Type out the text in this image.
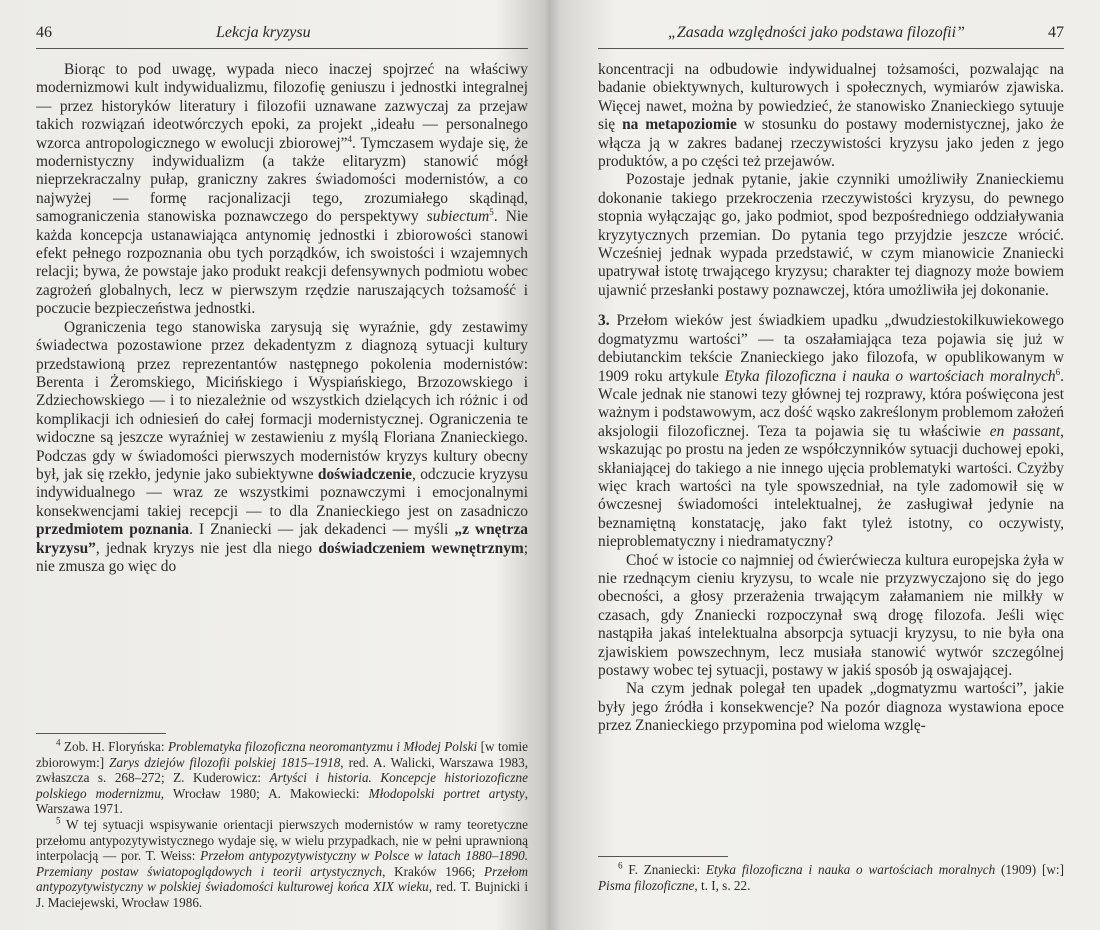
46	Lekcja kryzysu

Biorąc to pod uwagę, wypada nieco inaczej spojrzeć na właściwy modernizmowi kult indywidualizmu, filozofię geniuszu i jednostki integralnej — przez historyków literatury i filozofii uznawane zazwyczaj za przejaw takich rozwiązań ideotwórczych epoki, za projekt „ideału — personalnego wzorca antropologicznego w ewolucji zbiorowej”$^4$. Tymczasem wydaje się, że modernistyczny indywidualizm (a także elitaryzm) stanowić mógł nieprzekraczalny pułap, graniczny zakres świadomości modernistów, a co najwyżej — formę racjonalizacji tego, zrozumiałego skądinąd, samograniczenia stanowiska poznawczego do perspektywy subiectum$^5$. Nie każda koncepcja ustanawiająca antynomię jednostki i zbiorowości stanowi efekt pełnego rozpoznania obu tych porządków, ich swoistości i wzajemnych relacji; bywa, że powstaje jako produkt reakcji defensywnych podmiotu wobec zagrożeń globalnych, lecz w pierwszym rzędzie naruszających tożsamość i poczucie bezpieczeństwa jednostki.

Ograniczenia tego stanowiska zarysują się wyraźnie, gdy zestawimy świadectwa pozostawione przez dekadentyzm z diagnozą sytuacji kultury przedstawioną przez reprezentantów następnego pokolenia modernistów: Berenta i Żeromskiego, Micińskiego i Wyspiańskiego, Brzozowskiego i Zdziechowskiego — i to niezależnie od wszystkich dzielących ich różnic i od komplikacji ich odniesień do całej formacji modernistycznej. Ograniczenia te widoczne są jeszcze wyraźniej w zestawieniu z myślą Floriana Znanieckiego. Podczas gdy w świadomości pierwszych modernistów kryzys kultury obecny był, jak się rzekło, jedynie jako subiektywne doświadczenie, odczucie kryzysu indywidualnego — wraz ze wszystkimi poznawczymi i emocjonalnymi konsekwencjami takiej recepcji — to dla Znanieckiego jest on zasadniczo przedmiotem poznania. I Znaniecki — jak dekadenci — myśli „z wnętrza kryzysu”, jednak kryzys nie jest dla niego doświadczeniem wewnętrznym; nie zmusza go więc do

$^4$ Zob. H. Floryńska: Problematyka filozoficzna neoromantyzmu i Młodej Polski [w tomie zbiorowym:] Zarys dziejów filozofii polskiej 1815–1918, red. A. Walicki, Warszawa 1983, zwłaszcza s. 268–272; Z. Kuderowicz: Artyści i historia. Koncepcje historiozoficzne polskiego modernizmu, Wrocław 1980; A. Makowiecki: Młodopolski portret artysty, Warszawa 1971.

$^5$ W tej sytuacji wspisywanie orientacji pierwszych modernistów w ramy teoretyczne przełomu antypozytywistycznego wydaje się, w wielu przypadkach, nie w pełni uprawnioną interpolacją — por. T. Weiss: Przełom antypozytywistyczny w Polsce w latach 1880–1890. Przemiany postaw światopoglądowych i teorii artystycznych, Kraków 1966; Przełom antypozytywistyczny w polskiej świadomości kulturowej końca XIX wieku, red. T. Bujnicki i J. Maciejewski, Wrocław 1986.

„Zasada względności jako podstawa filozofii”	47

koncentracji na odbudowie indywidualnej tożsamości, pozwalając na badanie obiektywnych, kulturowych i społecznych, wymiarów zjawiska. Więcej nawet, można by powiedzieć, że stanowisko Znanieckiego sytuuje się na metapoziomie w stosunku do postawy modernistycznej, jako że włącza ją w zakres badanej rzeczywistości kryzysu jako jeden z jego produktów, a po części też przejawów.

Pozostaje jednak pytanie, jakie czynniki umożliwiły Znanieckiemu dokonanie takiego przekroczenia rzeczywistości kryzysu, do pewnego stopnia wyłączając go, jako podmiot, spod bezpośredniego oddziaływania kryzytycznych przemian. Do pytania tego przyjdzie jeszcze wrócić. Wcześniej jednak wypada przedstawić, w czym mianowicie Znaniecki upatrywał istotę trwającego kryzysu; charakter tej diagnozy może bowiem ujawnić przesłanki postawy poznawczej, która umożliwiła jej dokonanie.

3. Przełom wieków jest świadkiem upadku „dwudziestokilkuwiekowego dogmatyzmu wartości” — ta oszałamiająca teza pojawia się już w debiutanckim tekście Znanieckiego jako filozofa, w opublikowanym w 1909 roku artykule Etyka filozoficzna i nauka o wartościach moralnych$^6$. Wcale jednak nie stanowi tezy głównej tej rozprawy, która poświęcona jest ważnym i podstawowym, acz dość wąsko zakreślonym problemom założeń aksjologii filozoficznej. Teza ta pojawia się tu właściwie en passant, wskazując po prostu na jeden ze współczynników sytuacji duchowej epoki, skłaniającej do takiego a nie innego ujęcia problematyki wartości. Czyżby więc krach wartości na tyle spowszedniał, na tyle zadomowił się w ówczesnej świadomości intelektualnej, że zasługiwał jedynie na beznamiętną konstatację, jako fakt tyleż istotny, co oczywisty, nieproblematyczny i niedramatyczny?

Choć w istocie co najmniej od ćwierćwiecza kultura europejska żyła w nie rzednącym cieniu kryzysu, to wcale nie przyzwyczajono się do jego obecności, a głosy przerażenia trwającym załamaniem nie milkły w czasach, gdy Znaniecki rozpoczynał swą drogę filozofa. Jeśli więc nastąpiła jakaś intelektualna absorpcja sytuacji kryzysu, to nie była ona zjawiskiem powszechnym, lecz musiała stanowić wytwór szczególnej postawy wobec tej sytuacji, postawy w jakiś sposób ją oswajającej.

Na czym jednak polegał ten upadek „dogmatyzmu wartości”, jakie były jego źródła i konsekwencje? Na pozór diagnoza wystawiona epoce przez Znanieckiego przypomina pod wieloma wzglę-

$^6$ F. Znaniecki: Etyka filozoficzna i nauka o wartościach moralnych (1909) [w:] Pisma filozoficzne, t. I, s. 22.
